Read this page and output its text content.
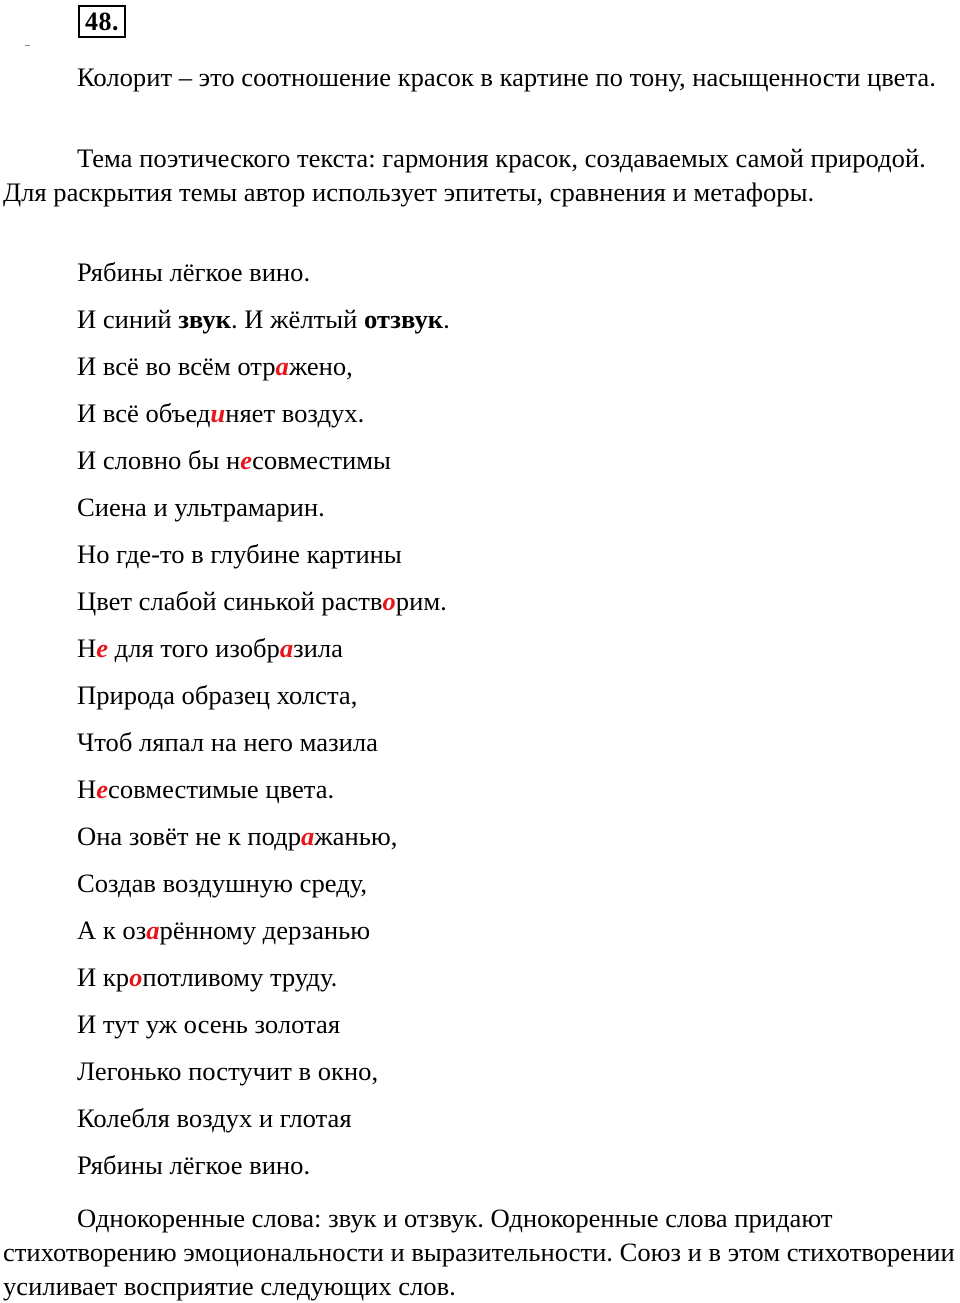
48.

Колорит – это соотношение красок в картине по тону, насыщенности цвета.

Тема поэтического текста: гармония красок, создаваемых самой природой. Для раскрытия темы автор использует эпитеты, сравнения и метафоры.

Рябины лёгкое вино.
И синий звук. И жёлтый отзвук.
И всё во всём отражено,
И всё объединяет воздух.
И словно бы несовместимы
Сиена и ультрамарин.
Но где-то в глубине картины
Цвет слабой синькой растворим.
Не для того изобразила
Природа образец холста,
Чтоб ляпал на него мазила
Несовместимые цвета.
Она зовёт не к подражанью,
Создав воздушную среду,
А к озарённому дерзанью
И кропотливому труду.
И тут уж осень золотая
Легонько постучит в окно,
Колебля воздух и глотая
Рябины лёгкое вино.

Однокоренные слова: звук и отзвук. Однокоренные слова придают стихотворению эмоциональности и выразительности. Союз и в этом стихотворении усиливает восприятие следующих слов.
